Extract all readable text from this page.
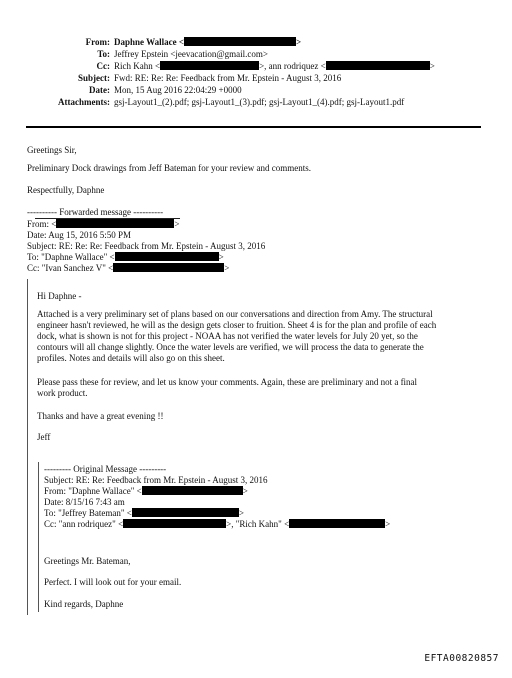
From: Daphne Wallace <	>
To: Jeffrey Epstein <jeevacation@gmail.com>
Cc: Rich Kahn <	>, ann rodriquez <	>
Subject: Fwd: RE: Re: Re: Feedback from Mr. Epstein - August 3, 2016
Date: Mon, 15 Aug 2016 22:04:29 +0000
Attachments: gsj-Layout1_(2).pdf; gsj-Layout1_(3).pdf; gsj-Layout1_(4).pdf; gsj-Layout1.pdf
Greetings Sir,
Preliminary Dock drawings from Jeff Bateman for your review and comments.
Respectfully, Daphne
---------- Forwarded message ----------
From: <	>
Date: Aug 15, 2016 5:50 PM
Subject: RE: Re: Re: Feedback from Mr. Epstein - August 3, 2016
To: "Daphne Wallace" <	>
Cc: "Ivan Sanchez V" <	>
Hi Daphne -
Attached is a very preliminary set of plans based on our conversations and direction from Amy. The structural
engineer hasn't reviewed, he will as the design gets closer to fruition. Sheet 4 is for the plan and profile of each
dock, what is shown is not for this project - NOAA has not verified the water levels for July 20 yet, so the
contours will all change slightly. Once the water levels are verified, we will process the data to generate the
profiles. Notes and details will also go on this sheet.
Please pass these for review, and let us know your comments. Again, these are preliminary and not a final
work product.
Thanks and have a great evening !!
Jeff
--------- Original Message ---------
Subject: RE: Re: Feedback from Mr. Epstein - August 3, 2016
From: "Daphne Wallace" <	>
Date: 8/15/16 7:43 am
To: "Jeffrey Bateman" <	>
Cc: "ann rodriquez" <	>, "Rich Kahn" <	>
Greetings Mr. Bateman,
Perfect. I will look out for your email.
Kind regards, Daphne
EFTA00820857
